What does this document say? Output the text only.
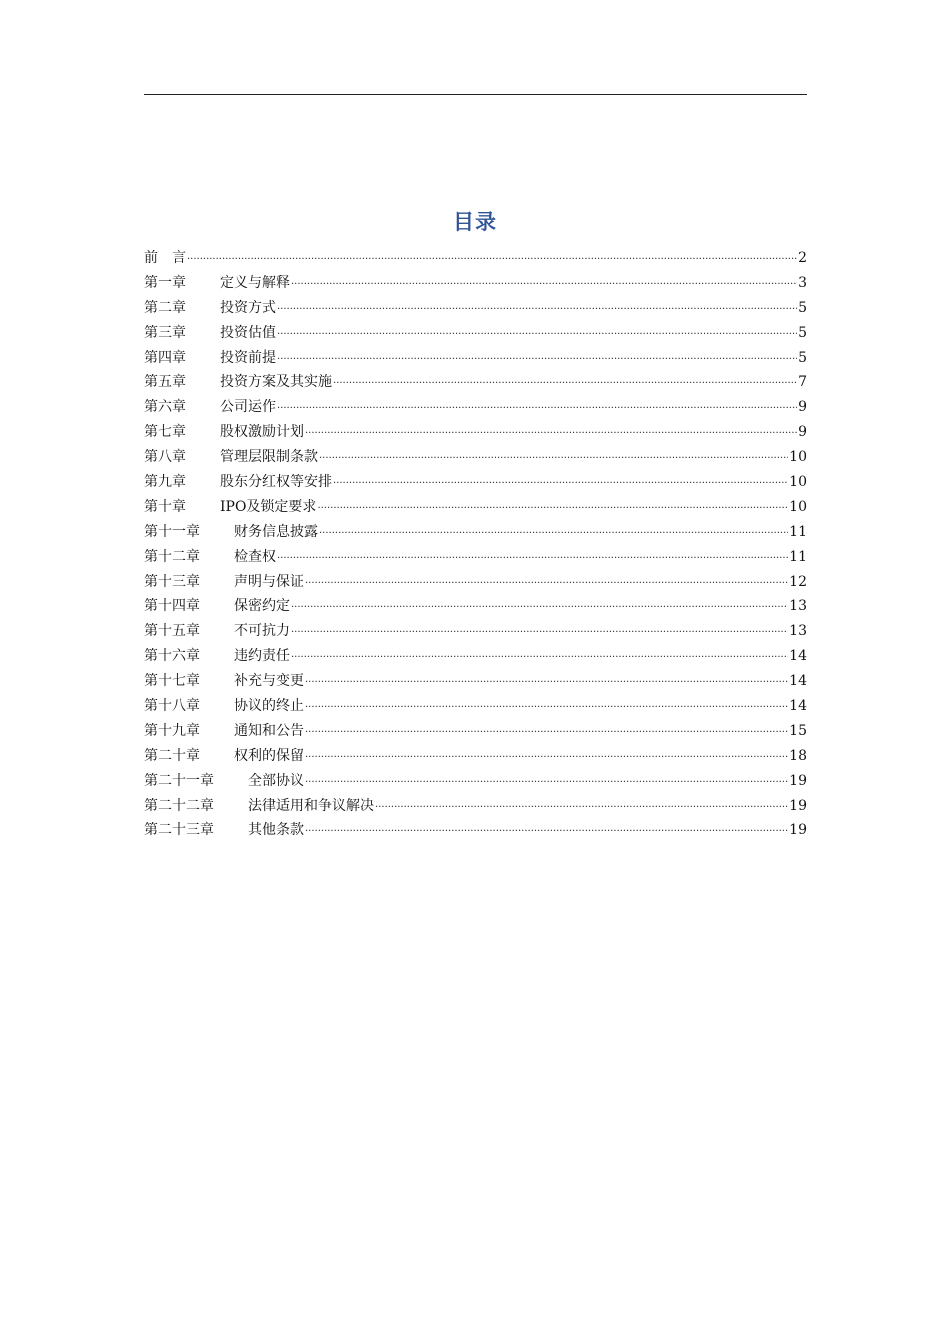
目录
前　言 .....	2
第一章 定义与解释 .....	3
第二章 投资方式 .....	5
第三章 投资估值 .....	5
第四章 投资前提 .....	5
第五章 投资方案及其实施 .....	7
第六章 公司运作 .....	9
第七章 股权激励计划 .....	9
第八章 管理层限制条款 .....	10
第九章 股东分红权等安排 .....	10
第十章 IPO及锁定要求 .....	10
第十一章 财务信息披露 .....	11
第十二章 检查权 .....	11
第十三章 声明与保证 .....	12
第十四章 保密约定 .....	13
第十五章 不可抗力 .....	13
第十六章 违约责任 .....	14
第十七章 补充与变更 .....	14
第十八章 协议的终止 .....	14
第十九章 通知和公告 .....	15
第二十章 权利的保留 .....	18
第二十一章 全部协议 .....	19
第二十二章 法律适用和争议解决 .....	19
第二十三章 其他条款 .....	19
